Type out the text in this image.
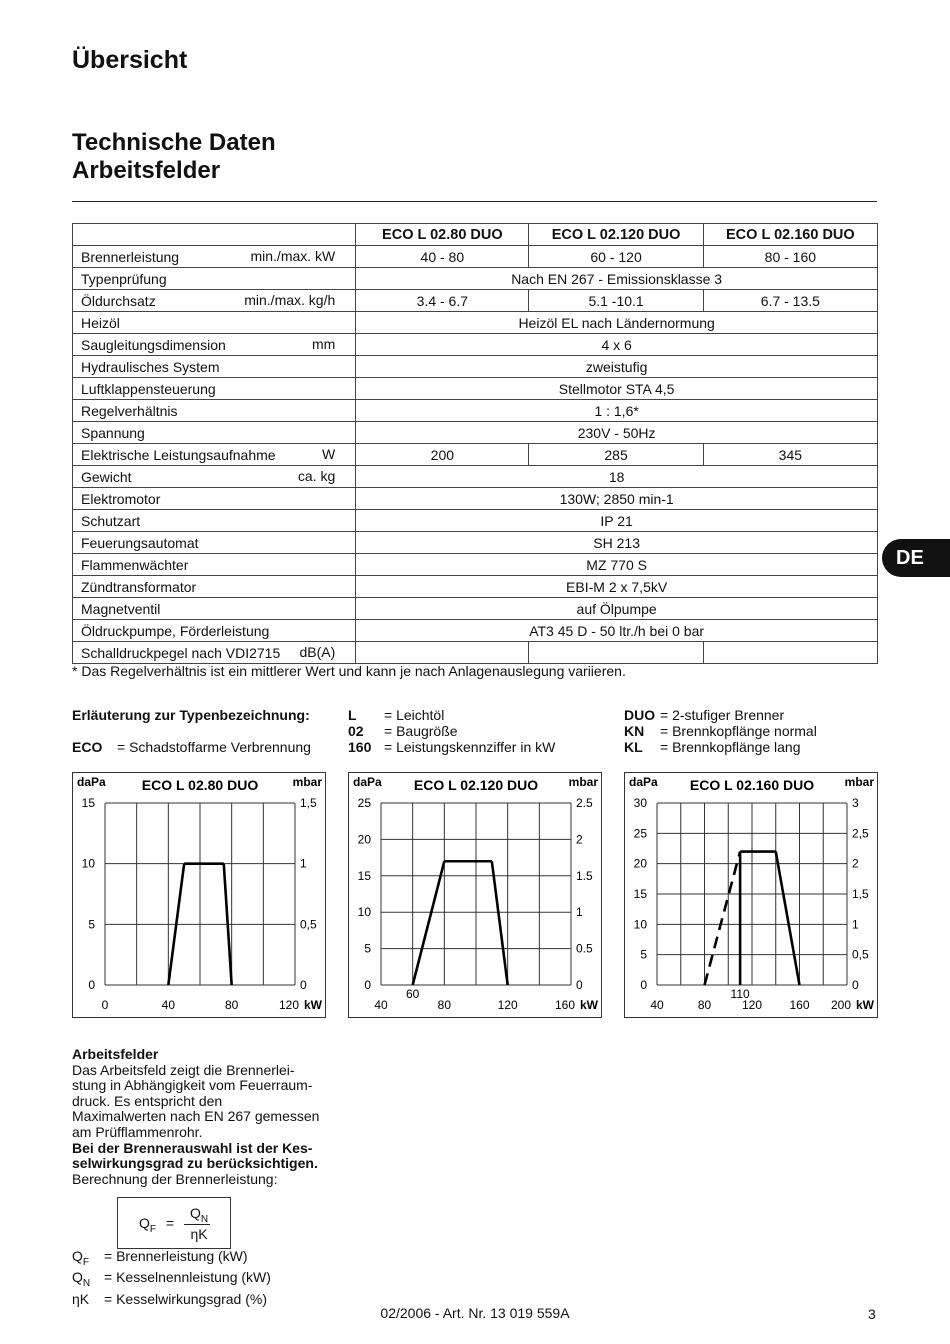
Übersicht
Technische Daten
Arbeitsfelder
	ECO L 02.80 DUO	ECO L 02.120 DUO	ECO L 02.160 DUO
Brennerleistung min./max. kW	40 - 80	60 - 120	80 - 160
Typenprüfung	Nach EN 267 - Emissionsklasse 3		
Öldurchsatz min./max. kg/h	3.4 - 6.7	5.1 -10.1	6.7 - 13.5
Heizöl	Heizöl EL nach Ländernormung		
Saugleitungsdimension mm	4 x 6		
Hydraulisches System	zweistufig		
Luftklappensteuerung	Stellmotor STA 4,5		
Regelverhältnis	1 : 1,6*		
Spannung	230V - 50Hz		
Elektrische Leistungsaufnahme W	200	285	345
Gewicht ca. kg	18		
Elektromotor	130W; 2850 min-1		
Schutzart	IP 21		
Feuerungsautomat	SH 213		
Flammenwächter	MZ 770 S		
Zündtransformator	EBI-M 2 x 7,5kV		
Magnetventil	auf Ölpumpe		
Öldruckpumpe, Förderleistung	AT3 45 D - 50 ltr./h bei 0 bar		
Schalldruckpegel nach VDI2715 dB(A)			

* Das Regelverhältnis ist ein mittlerer Wert und kann je nach Anlagenauslegung variieren.
Erläuterung zur Typenbezeichnung:
ECO	= Schadstoffarme Verbrennung
L	= Leichtöl
02	= Baugröße
160 = Leistungskennziffer in kW
DUO = 2-stufiger Brenner
KN	= Brennkopflänge normal
KL	= Brennkopflänge lang
daPa	mbar
ECO L 02.80 DUO
0	0
5	0,5
10	1
15	1,5
0	40	80	120 kW
daPa	mbar
ECO L 02.120 DUO
0	0
5	0.5
10	1
15	1.5
20	2
25	2.5
40	80	120	160 kW
60
daPa	mbar
ECO L 02.160 DUO
0	0
5	0,5
10	1
15	1,5
20	2
25	2,5
30	3
40	80	120 160 200 kW
110
DE
Arbeitsfelder
Das Arbeitsfeld zeigt die Brennerlei-
stung in Abhängigkeit vom Feuerraum-
druck. Es entspricht den
Maximalwerten nach EN 267 gemessen
am Prüfflammenrohr.
Bei der Brennerauswahl ist der Kes-
selwirkungsgrad zu berücksichtigen.
Berechnung der Brennerleistung:
$Q_F$ =
$Q_N$
ηK
$Q_F$	= Brennerleistung (kW)
$Q_N$ = Kesselnennleistung (kW)
ηK	= Kesselwirkungsgrad (%)
02/2006 - Art. Nr. 13 019 559A	3
